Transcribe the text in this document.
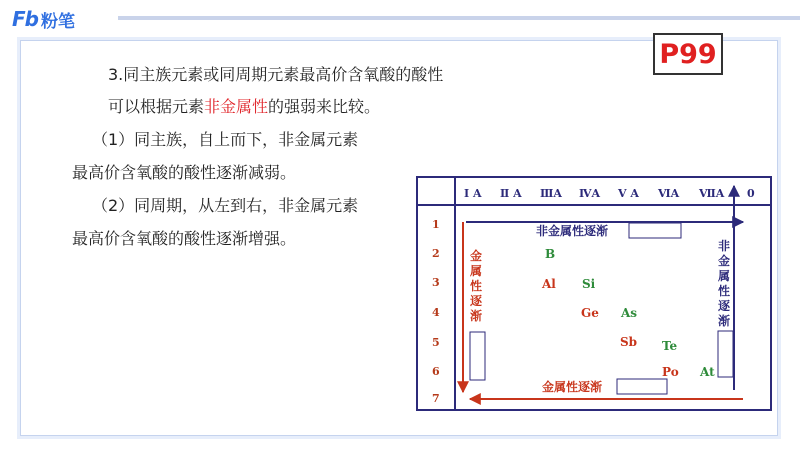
Fb 粉笔
P99
3.同主族元素或同周期元素最高价含氧酸的酸性
可以根据元素非金属性的强弱来比较。
（1）同主族，自上而下，非金属元素
最高价含氧酸的酸性逐渐减弱。
（2）同周期，从左到右，非金属元素
最高价含氧酸的酸性逐渐增强。
Ⅰ A Ⅱ A ⅢA ⅣA Ⅴ A ⅥA ⅦA 0
1
2
3
4
5
6
7
非金属性逐渐
金属性逐渐
金
属
性
逐
渐
非
金
属
性
逐
渐
B
Al Si
Ge As
Sb Te
Po At
